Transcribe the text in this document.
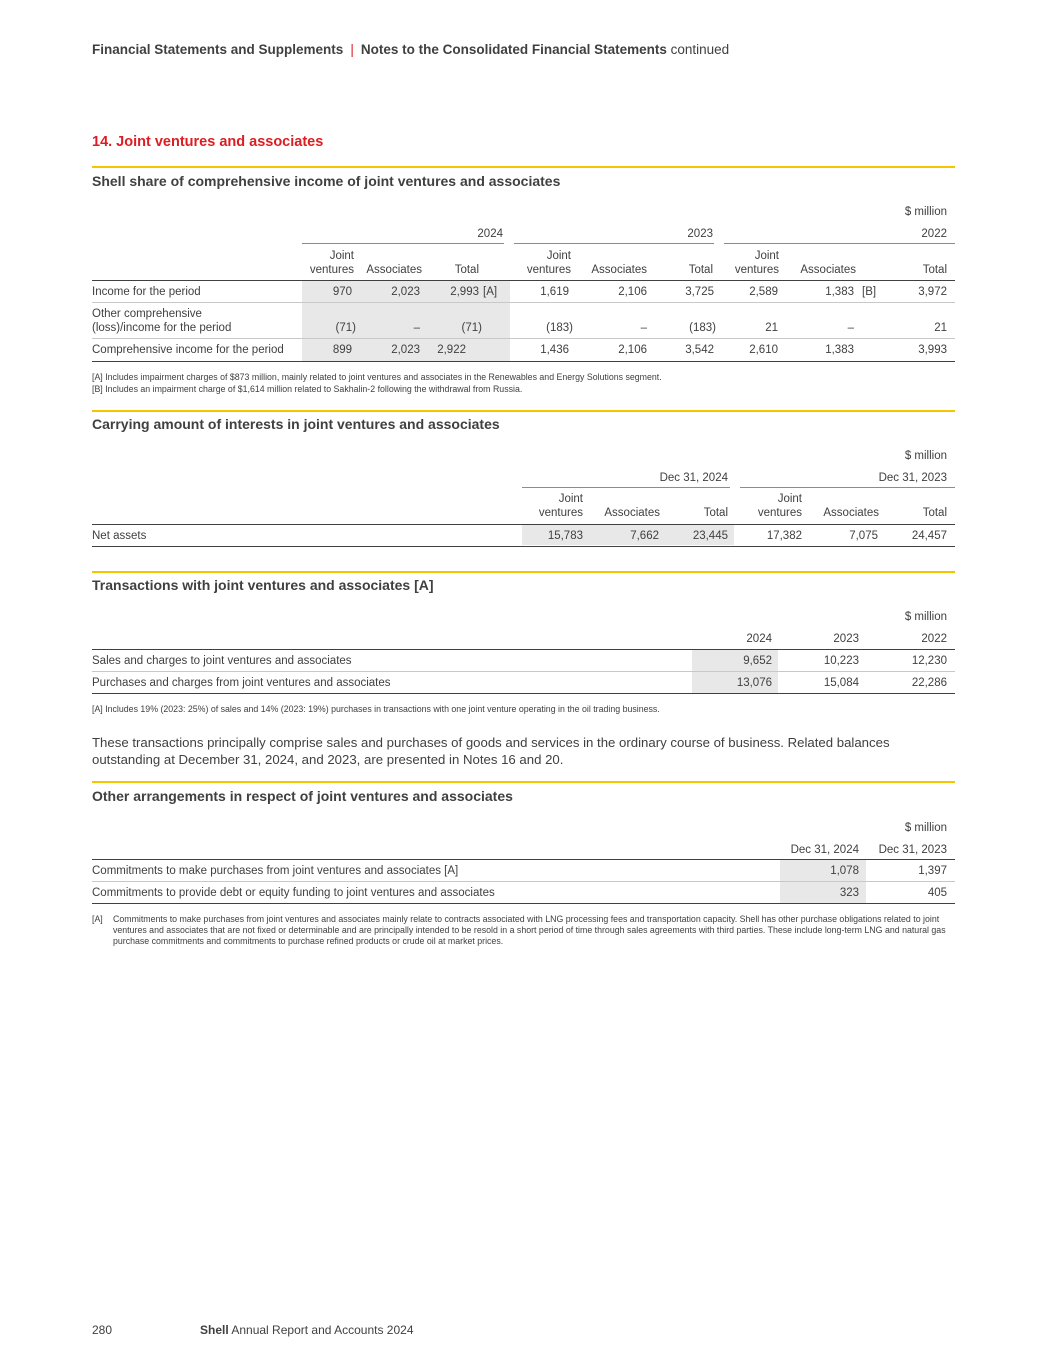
Financial Statements and Supplements | Notes to the Consolidated Financial Statements continued
14. Joint ventures and associates
Shell share of comprehensive income of joint ventures and associates
$ million
2024	2023	2022
Joint
ventures Associates	Total
Joint
ventures Associates	Total
Joint
ventures Associates	Total
Income for the period	970	2,023	2,993 [A]	1,619	2,106	3,725	2,589	1,383 [B]	3,972
Other comprehensive
(loss)/income for the period	(71)	–	(71)	(183)	–	(183)	21	–	21
Comprehensive income for the period	899	2,023 2,922	1,436	2,106	3,542	2,610	1,383	3,993
[A] Includes impairment charges of $873 million, mainly related to joint ventures and associates in the Renewables and Energy Solutions segment.
[B] Includes an impairment charge of $1,614 million related to Sakhalin-2 following the withdrawal from Russia.
Carrying amount of interests in joint ventures and associates
$ million
Dec 31, 2024	Dec 31, 2023
Joint
ventures Associates	Total
Joint
ventures Associates	Total
Net assets	15,783	7,662	23,445	17,382	7,075	24,457
Transactions with joint ventures and associates [A]
$ million
2024	2023	2022
Sales and charges to joint ventures and associates	9,652	10,223	12,230
Purchases and charges from joint ventures and associates	13,076	15,084	22,286
[A] Includes 19% (2023: 25%) of sales and 14% (2023: 19%) purchases in transactions with one joint venture operating in the oil trading business.
These transactions principally comprise sales and purchases of goods and services in the ordinary course of business. Related balances outstanding at December 31, 2024, and 2023, are presented in Notes 16 and 20.
Other arrangements in respect of joint ventures and associates
$ million
Dec 31, 2024 Dec 31, 2023
Commitments to make purchases from joint ventures and associates [A]	1,078	1,397
Commitments to provide debt or equity funding to joint ventures and associates	323	405
[A] Commitments to make purchases from joint ventures and associates mainly relate to contracts associated with LNG processing fees and transportation capacity. Shell has other purchase obligations related to joint ventures and associates that are not fixed or determinable and are principally intended to be resold in a short period of time through sales agreements with third parties. These include long-term LNG and natural gas purchase commitments and commitments to purchase refined products or crude oil at market prices.
280	Shell Annual Report and Accounts 2024
